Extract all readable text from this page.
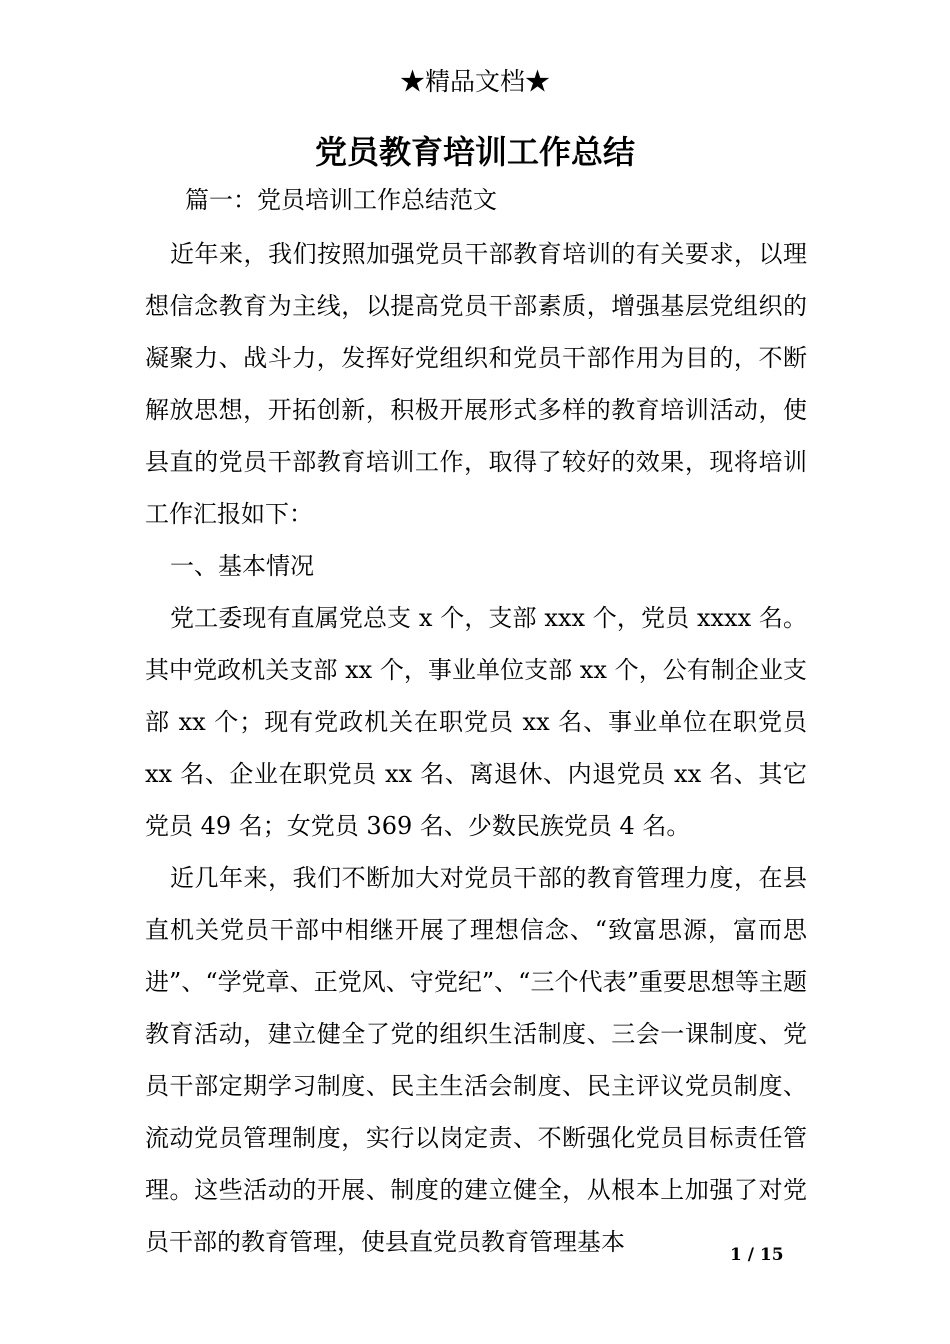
★精品文档★
党员教育培训工作总结
篇一：党员培训工作总结范文

近年来，我们按照加强党员干部教育培训的有关要求，以理想信念教育为主线，以提高党员干部素质，增强基层党组织的凝聚力、战斗力，发挥好党组织和党员干部作用为目的，不断解放思想，开拓创新，积极开展形式多样的教育培训活动，使县直的党员干部教育培训工作，取得了较好的效果，现将培训工作汇报如下：

一、基本情况

党工委现有直属党总支 x 个，支部 xxx 个，党员 xxxx 名。其中党政机关支部 xx 个，事业单位支部 xx 个，公有制企业支部 xx 个；现有党政机关在职党员 xx 名、事业单位在职党员 xx 名、企业在职党员 xx 名、离退休、内退党员 xx 名、其它党员 49 名；女党员 369 名、少数民族党员 4 名。

近几年来，我们不断加大对党员干部的教育管理力度，在县直机关党员干部中相继开展了理想信念、“致富思源，富而思进”、“学党章、正党风、守党纪”、“三个代表”重要思想等主题教育活动，建立健全了党的组织生活制度、三会一课制度、党员干部定期学习制度、民主生活会制度、民主评议党员制度、流动党员管理制度，实行以岗定责、不断强化党员目标责任管理。这些活动的开展、制度的建立健全，从根本上加强了对党员干部的教育管理，使县直党员教育管理基本	1 / 15
